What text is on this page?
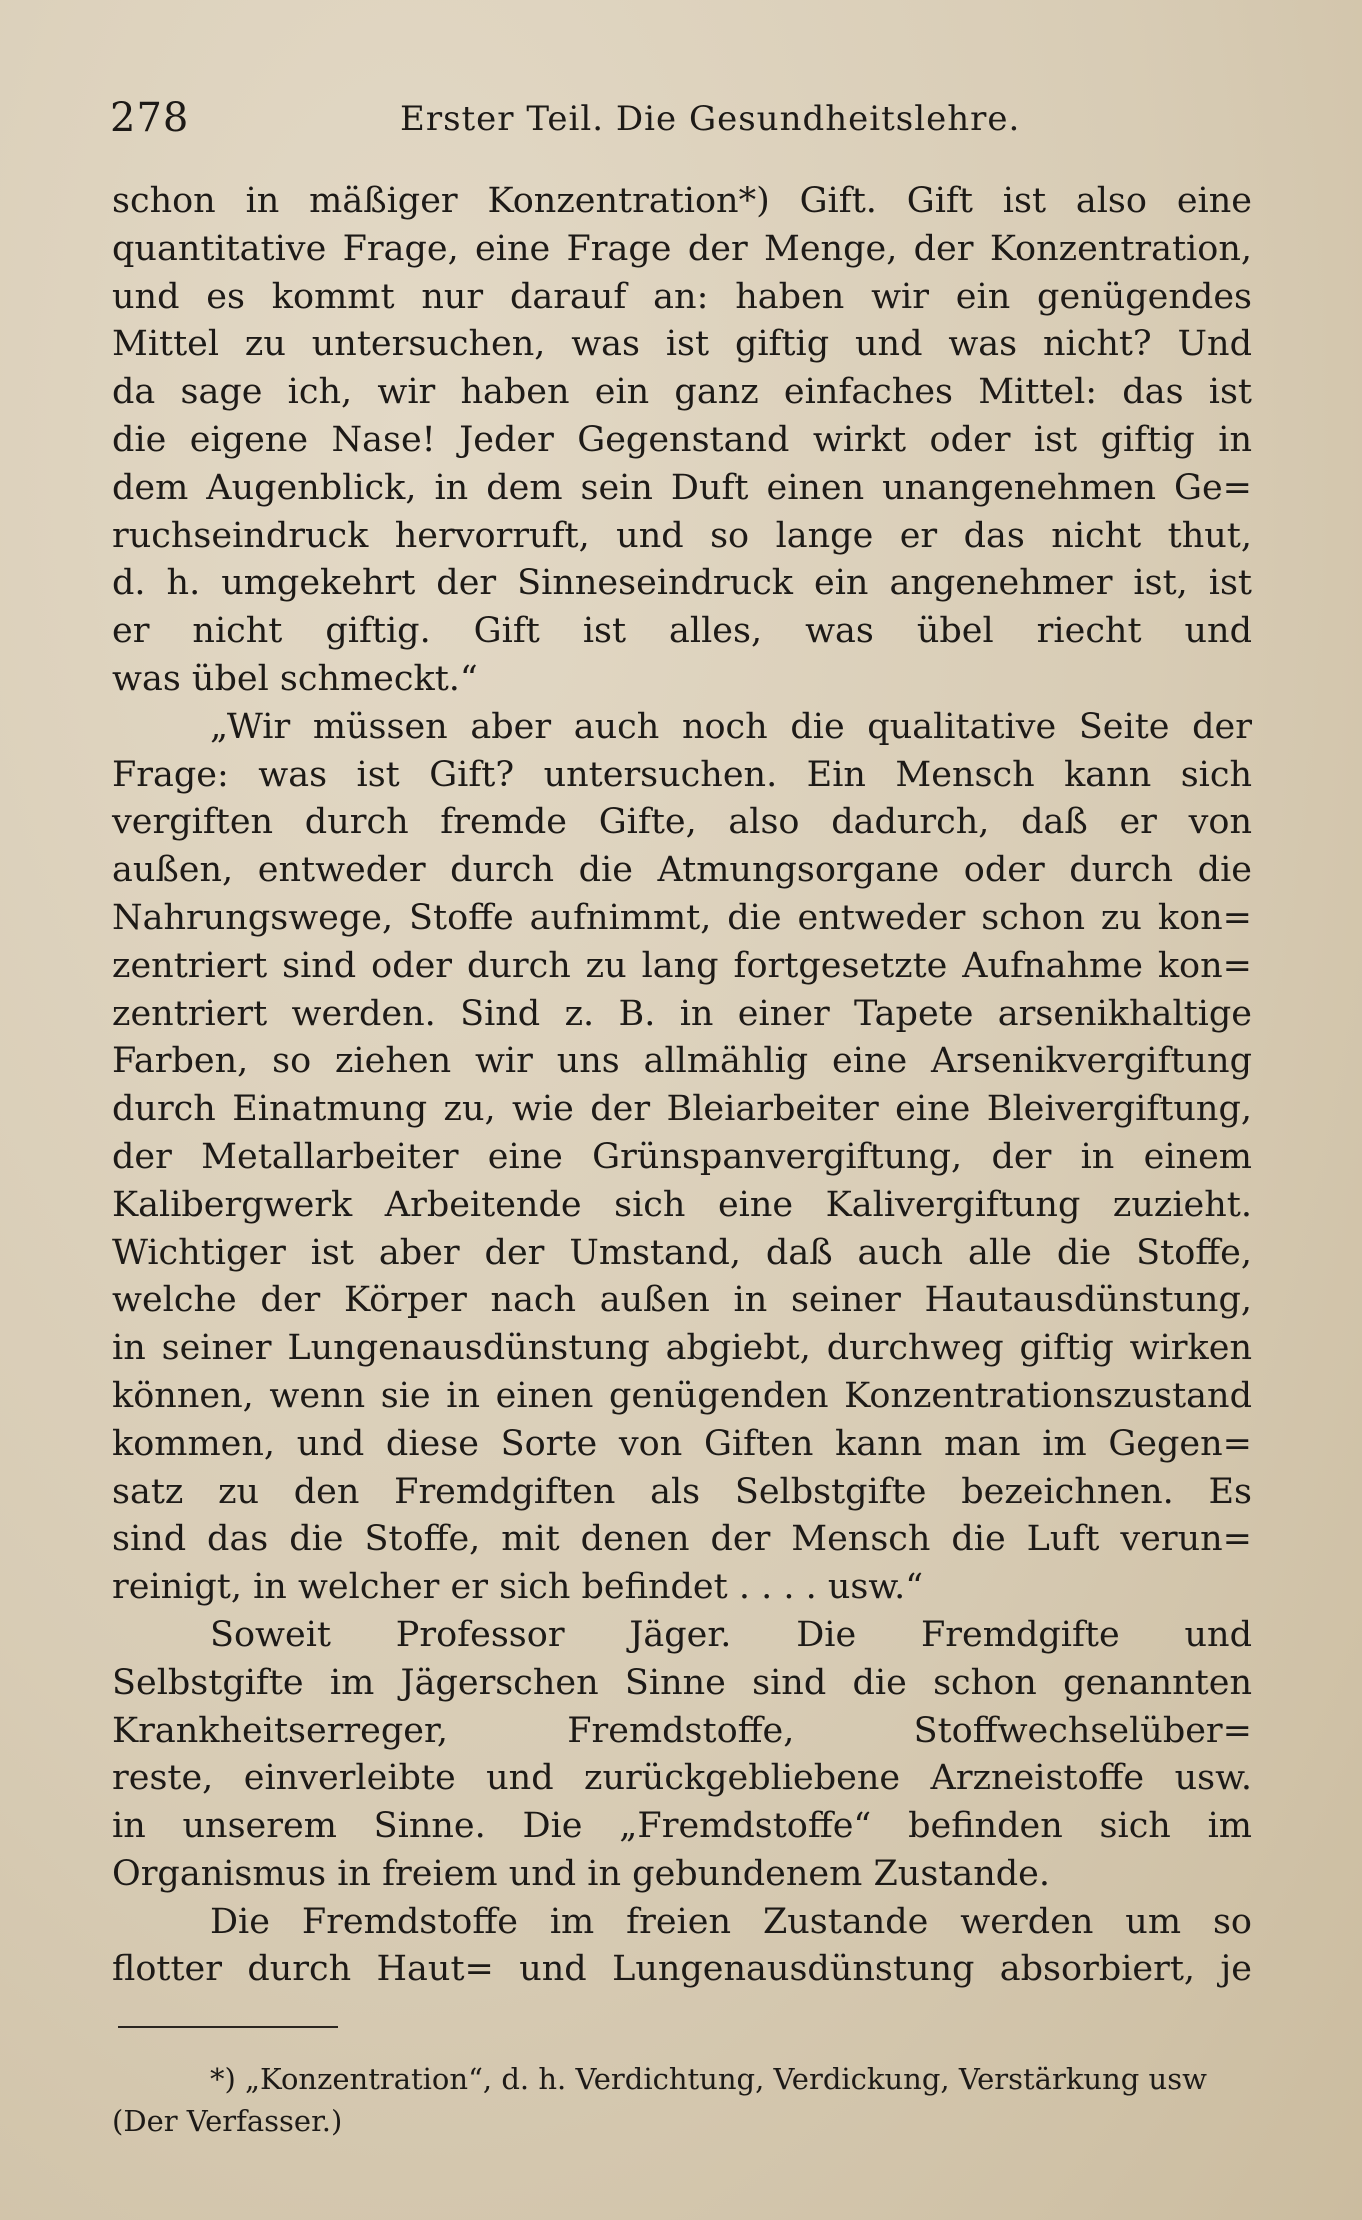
278	Erster Teil. Die Gesundheitslehre.
schon in mäßiger Konzentration*) Gift. Gift ist also eine
quantitative Frage, eine Frage der Menge, der Konzentration,
und es kommt nur darauf an: haben wir ein genügendes
Mittel zu untersuchen, was ist giftig und was nicht? Und
da sage ich, wir haben ein ganz einfaches Mittel: das ist
die eigene Nase! Jeder Gegenstand wirkt oder ist giftig in
dem Augenblick, in dem sein Duft einen unangenehmen Ge=
ruchseindruck hervorruft, und so lange er das nicht thut,
d. h. umgekehrt der Sinneseindruck ein angenehmer ist, ist
er nicht giftig. Gift ist alles, was übel riecht und
was übel schmeckt.“
„Wir müssen aber auch noch die qualitative Seite der
Frage: was ist Gift? untersuchen. Ein Mensch kann sich
vergiften durch fremde Gifte, also dadurch, daß er von
außen, entweder durch die Atmungsorgane oder durch die
Nahrungswege, Stoffe aufnimmt, die entweder schon zu kon=
zentriert sind oder durch zu lang fortgesetzte Aufnahme kon=
zentriert werden. Sind z. B. in einer Tapete arsenikhaltige
Farben, so ziehen wir uns allmählig eine Arsenikvergiftung
durch Einatmung zu, wie der Bleiarbeiter eine Bleivergiftung,
der Metallarbeiter eine Grünspanvergiftung, der in einem
Kalibergwerk Arbeitende sich eine Kalivergiftung zuzieht.
Wichtiger ist aber der Umstand, daß auch alle die Stoffe,
welche der Körper nach außen in seiner Hautausdünstung,
in seiner Lungenausdünstung abgiebt, durchweg giftig wirken
können, wenn sie in einen genügenden Konzentrationszustand
kommen, und diese Sorte von Giften kann man im Gegen=
satz zu den Fremdgiften als Selbstgifte bezeichnen. Es
sind das die Stoffe, mit denen der Mensch die Luft verun=
reinigt, in welcher er sich befindet . . . . usw.“
Soweit Professor Jäger. Die Fremdgifte und
Selbstgifte im Jägerschen Sinne sind die schon genannten
Krankheitserreger, Fremdstoffe, Stoffwechselüber=
reste, einverleibte und zurückgebliebene Arzneistoffe usw.
in unserem Sinne. Die „Fremdstoffe“ befinden sich im
Organismus in freiem und in gebundenem Zustande.
Die Fremdstoffe im freien Zustande werden um so
flotter durch Haut= und Lungenausdünstung absorbiert, je
*) „Konzentration“, d. h. Verdichtung, Verdickung, Verstärkung usw
(Der Verfasser.)
